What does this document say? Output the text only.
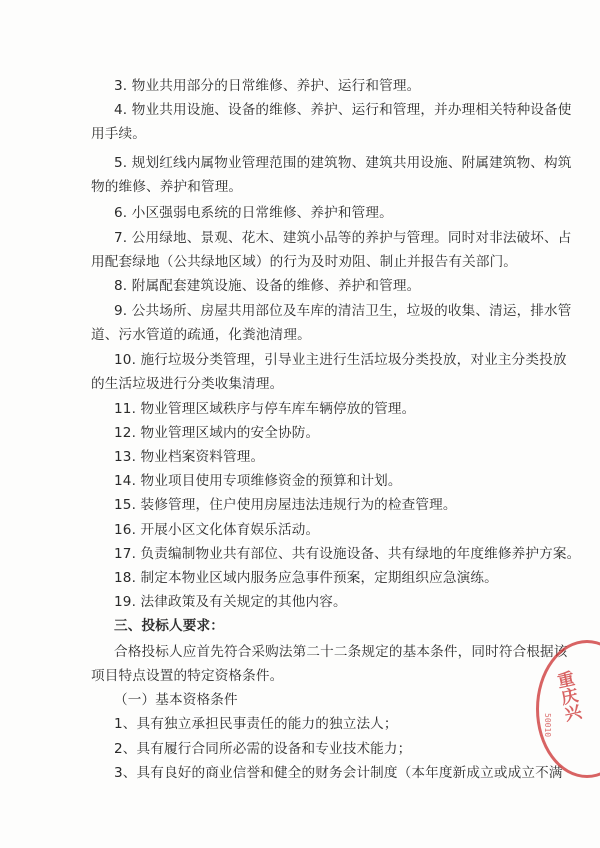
3. 物业共用部分的日常维修、养护、运行和管理。

4. 物业共用设施、设备的维修、养护、运行和管理，并办理相关特种设备使

用手续。

5. 规划红线内属物业管理范围的建筑物、建筑共用设施、附属建筑物、构筑

物的维修、养护和管理。

6. 小区强弱电系统的日常维修、养护和管理。

7. 公用绿地、景观、花木、建筑小品等的养护与管理。同时对非法破坏、占

用配套绿地（公共绿地区域）的行为及时劝阻、制止并报告有关部门。

8. 附属配套建筑设施、设备的维修、养护和管理。

9. 公共场所、房屋共用部位及车库的清洁卫生，垃圾的收集、清运，排水管

道、污水管道的疏通，化粪池清理。

10. 施行垃圾分类管理，引导业主进行生活垃圾分类投放，对业主分类投放

的生活垃圾进行分类收集清理。

11. 物业管理区域秩序与停车库车辆停放的管理。

12. 物业管理区域内的安全协防。

13. 物业档案资料管理。

14. 物业项目使用专项维修资金的预算和计划。

15. 装修管理，住户使用房屋违法违规行为的检查管理。

16. 开展小区文化体育娱乐活动。

17. 负责编制物业共有部位、共有设施设备、共有绿地的年度维修养护方案。

18. 制定本物业区域内服务应急事件预案，定期组织应急演练。

19. 法律政策及有关规定的其他内容。

三、投标人要求：

合格投标人应首先符合采购法第二十二条规定的基本条件，同时符合根据该

项目特点设置的特定资格条件。

（一）基本资格条件

1、具有独立承担民事责任的能力的独立法人；

2、具有履行合同所必需的设备和专业技术能力；

3、具有良好的商业信誉和健全的财务会计制度（本年度新成立或成立不满

重庆兴
50010
